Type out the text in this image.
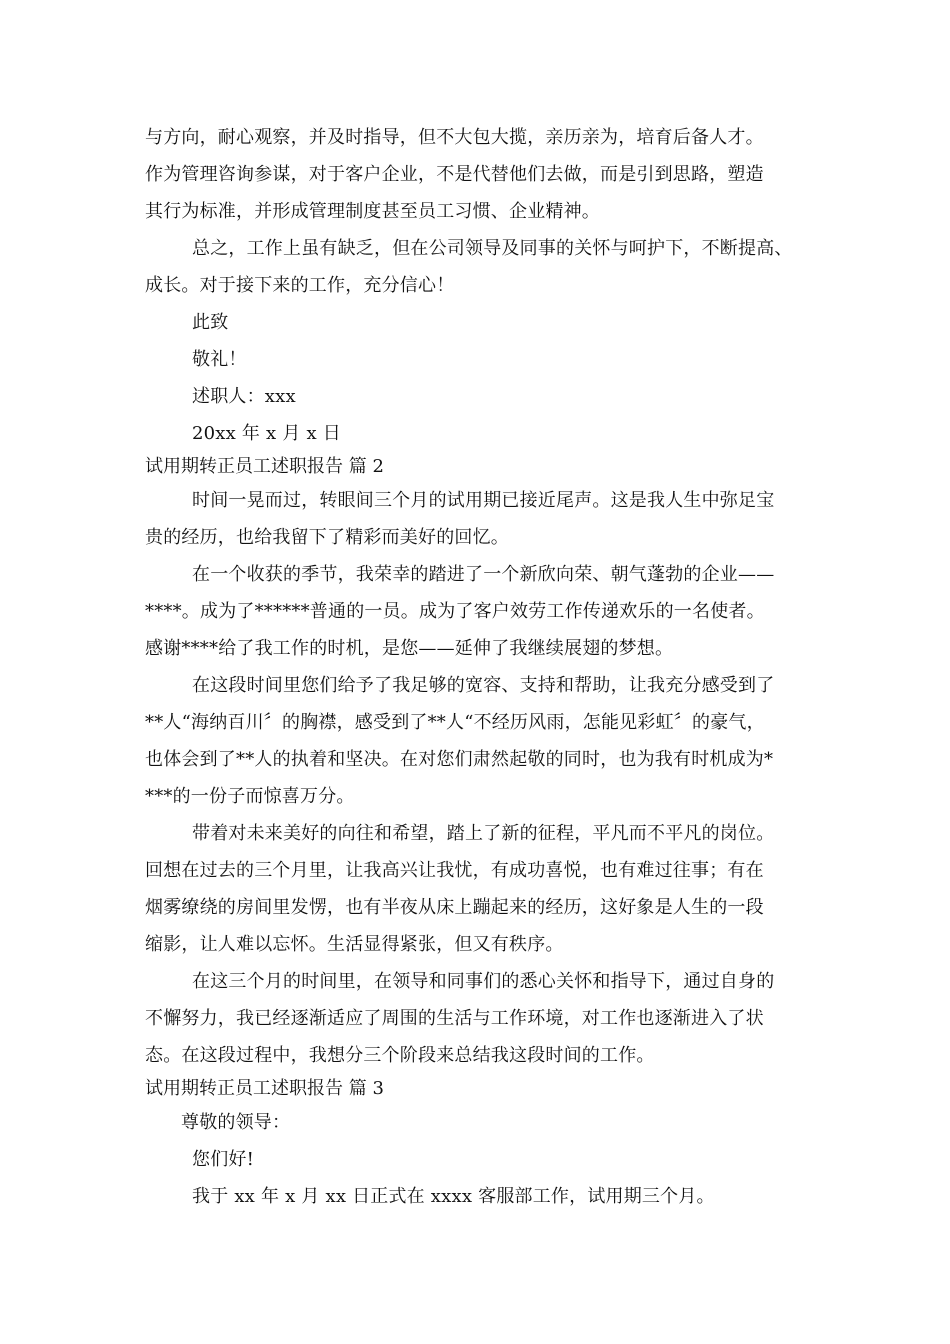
与方向，耐心观察，并及时指导，但不大包大揽，亲历亲为，培育后备人才。
作为管理咨询参谋，对于客户企业，不是代替他们去做，而是引到思路，塑造
其行为标准，并形成管理制度甚至员工习惯、企业精神。
总之，工作上虽有缺乏，但在公司领导及同事的关怀与呵护下，不断提高、
成长。对于接下来的工作，充分信心！
此致
敬礼！
述职人：xxx
20xx 年 x 月 x 日
试用期转正员工述职报告 篇 2
时间一晃而过，转眼间三个月的试用期已接近尾声。这是我人生中弥足宝
贵的经历，也给我留下了精彩而美好的回忆。
在一个收获的季节，我荣幸的踏进了一个新欣向荣、朝气蓬勃的企业——
****。成为了******普通的一员。成为了客户效劳工作传递欢乐的一名使者。
感谢****给了我工作的时机，是您——延伸了我继续展翅的梦想。
在这段时间里您们给予了我足够的宽容、支持和帮助，让我充分感受到了
**人“海纳百川〞的胸襟，感受到了**人“不经历风雨，怎能见彩虹〞的豪气，
也体会到了**人的执着和坚决。在对您们肃然起敬的同时，也为我有时机成为*
***的一份子而惊喜万分。
带着对未来美好的向往和希望，踏上了新的征程，平凡而不平凡的岗位。
回想在过去的三个月里，让我高兴让我忧，有成功喜悦，也有难过往事；有在
烟雾缭绕的房间里发愣，也有半夜从床上蹦起来的经历，这好象是人生的一段
缩影，让人难以忘怀。生活显得紧张，但又有秩序。
在这三个月的时间里，在领导和同事们的悉心关怀和指导下，通过自身的
不懈努力，我已经逐渐适应了周围的生活与工作环境，对工作也逐渐进入了状
态。在这段过程中，我想分三个阶段来总结我这段时间的工作。
试用期转正员工述职报告 篇 3
尊敬的领导：
您们好!
我于 xx 年 x 月 xx 日正式在 xxxx 客服部工作，试用期三个月。
